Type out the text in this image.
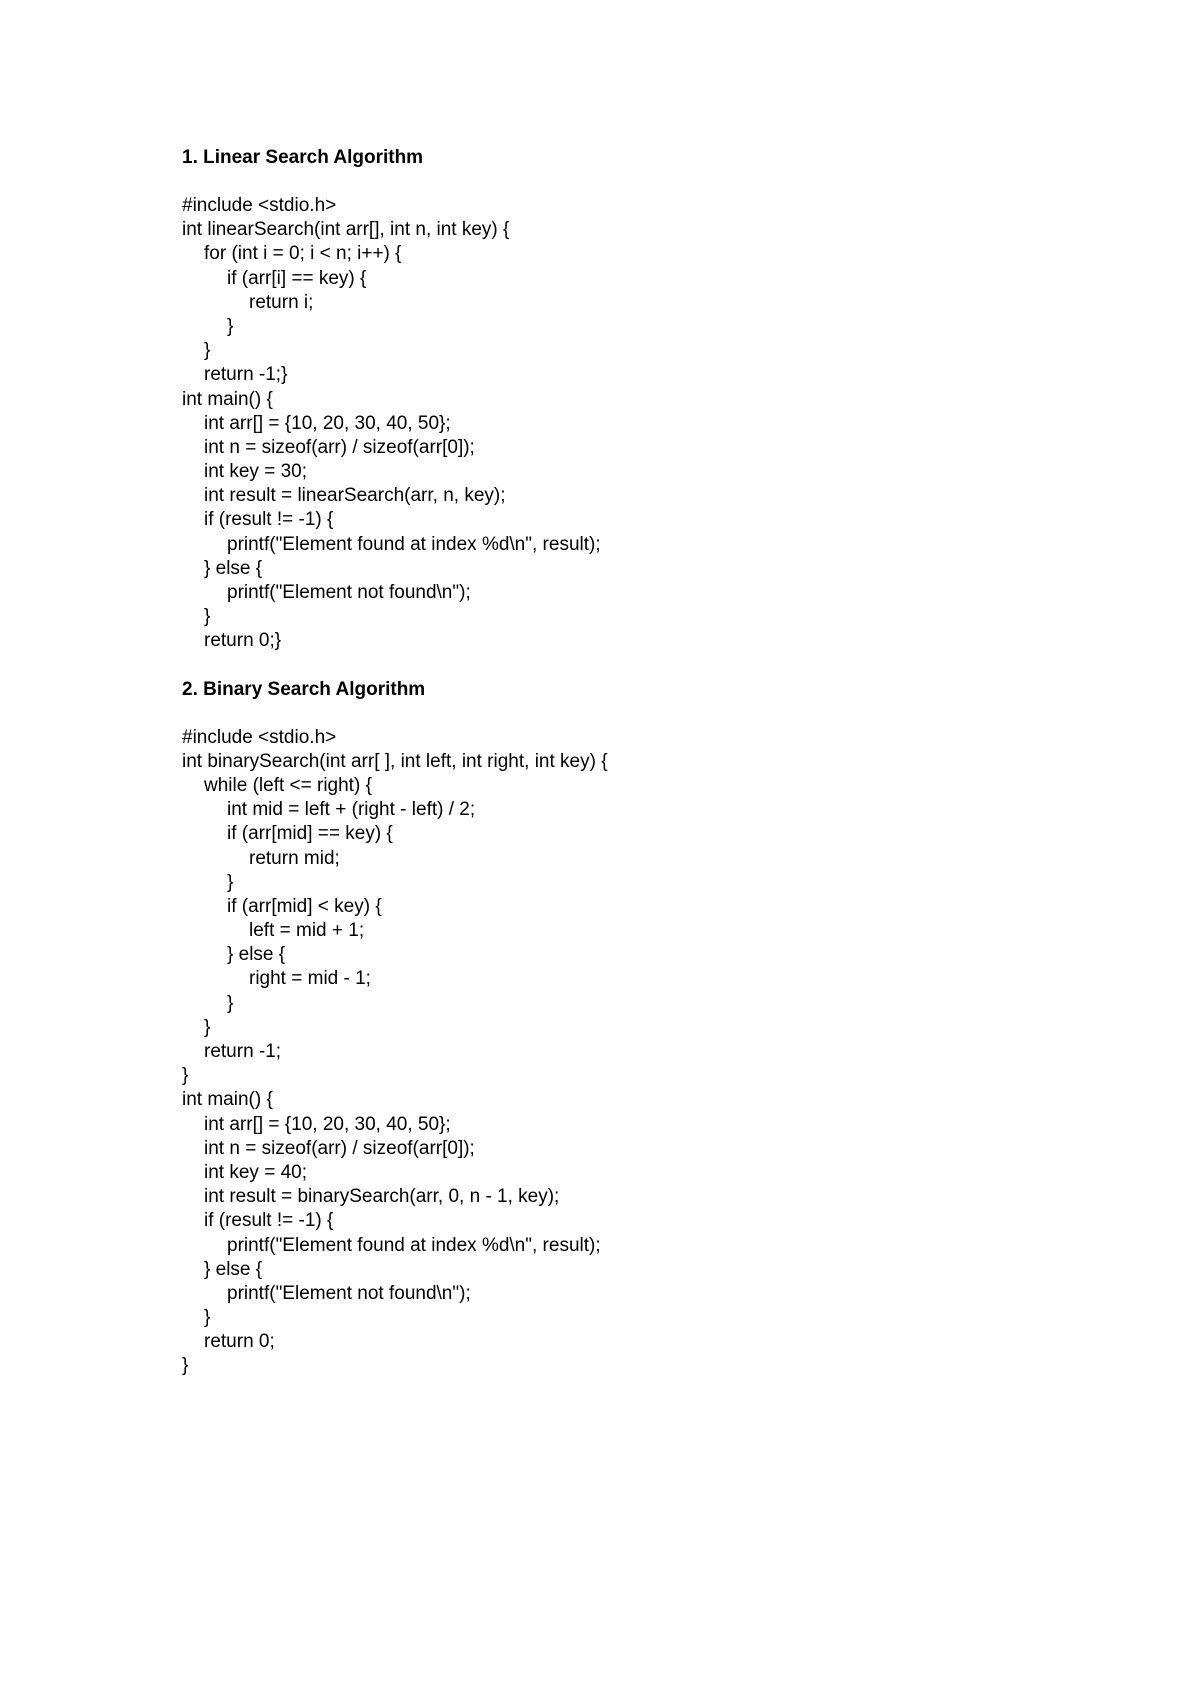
1. Linear Search Algorithm
#include <stdio.h>
int linearSearch(int arr[], int n, int key) {
for (int i = 0; i < n; i++) {
if (arr[i] == key) {
return i;
}
}
return -1;}
int main() {
int arr[] = {10, 20, 30, 40, 50};
int n = sizeof(arr) / sizeof(arr[0]);
int key = 30;
int result = linearSearch(arr, n, key);
if (result != -1) {
printf("Element found at index %d\n", result);
} else {
printf("Element not found\n");
}
return 0;}
2. Binary Search Algorithm
#include <stdio.h>
int binarySearch(int arr[ ], int left, int right, int key) {
while (left <= right) {
int mid = left + (right - left) / 2;
if (arr[mid] == key) {
return mid;
}
if (arr[mid] < key) {
left = mid + 1;
} else {
right = mid - 1;
}
}
return -1;
}
int main() {
int arr[] = {10, 20, 30, 40, 50};
int n = sizeof(arr) / sizeof(arr[0]);
int key = 40;
int result = binarySearch(arr, 0, n - 1, key);
if (result != -1) {
printf("Element found at index %d\n", result);
} else {
printf("Element not found\n");
}
return 0;
}
